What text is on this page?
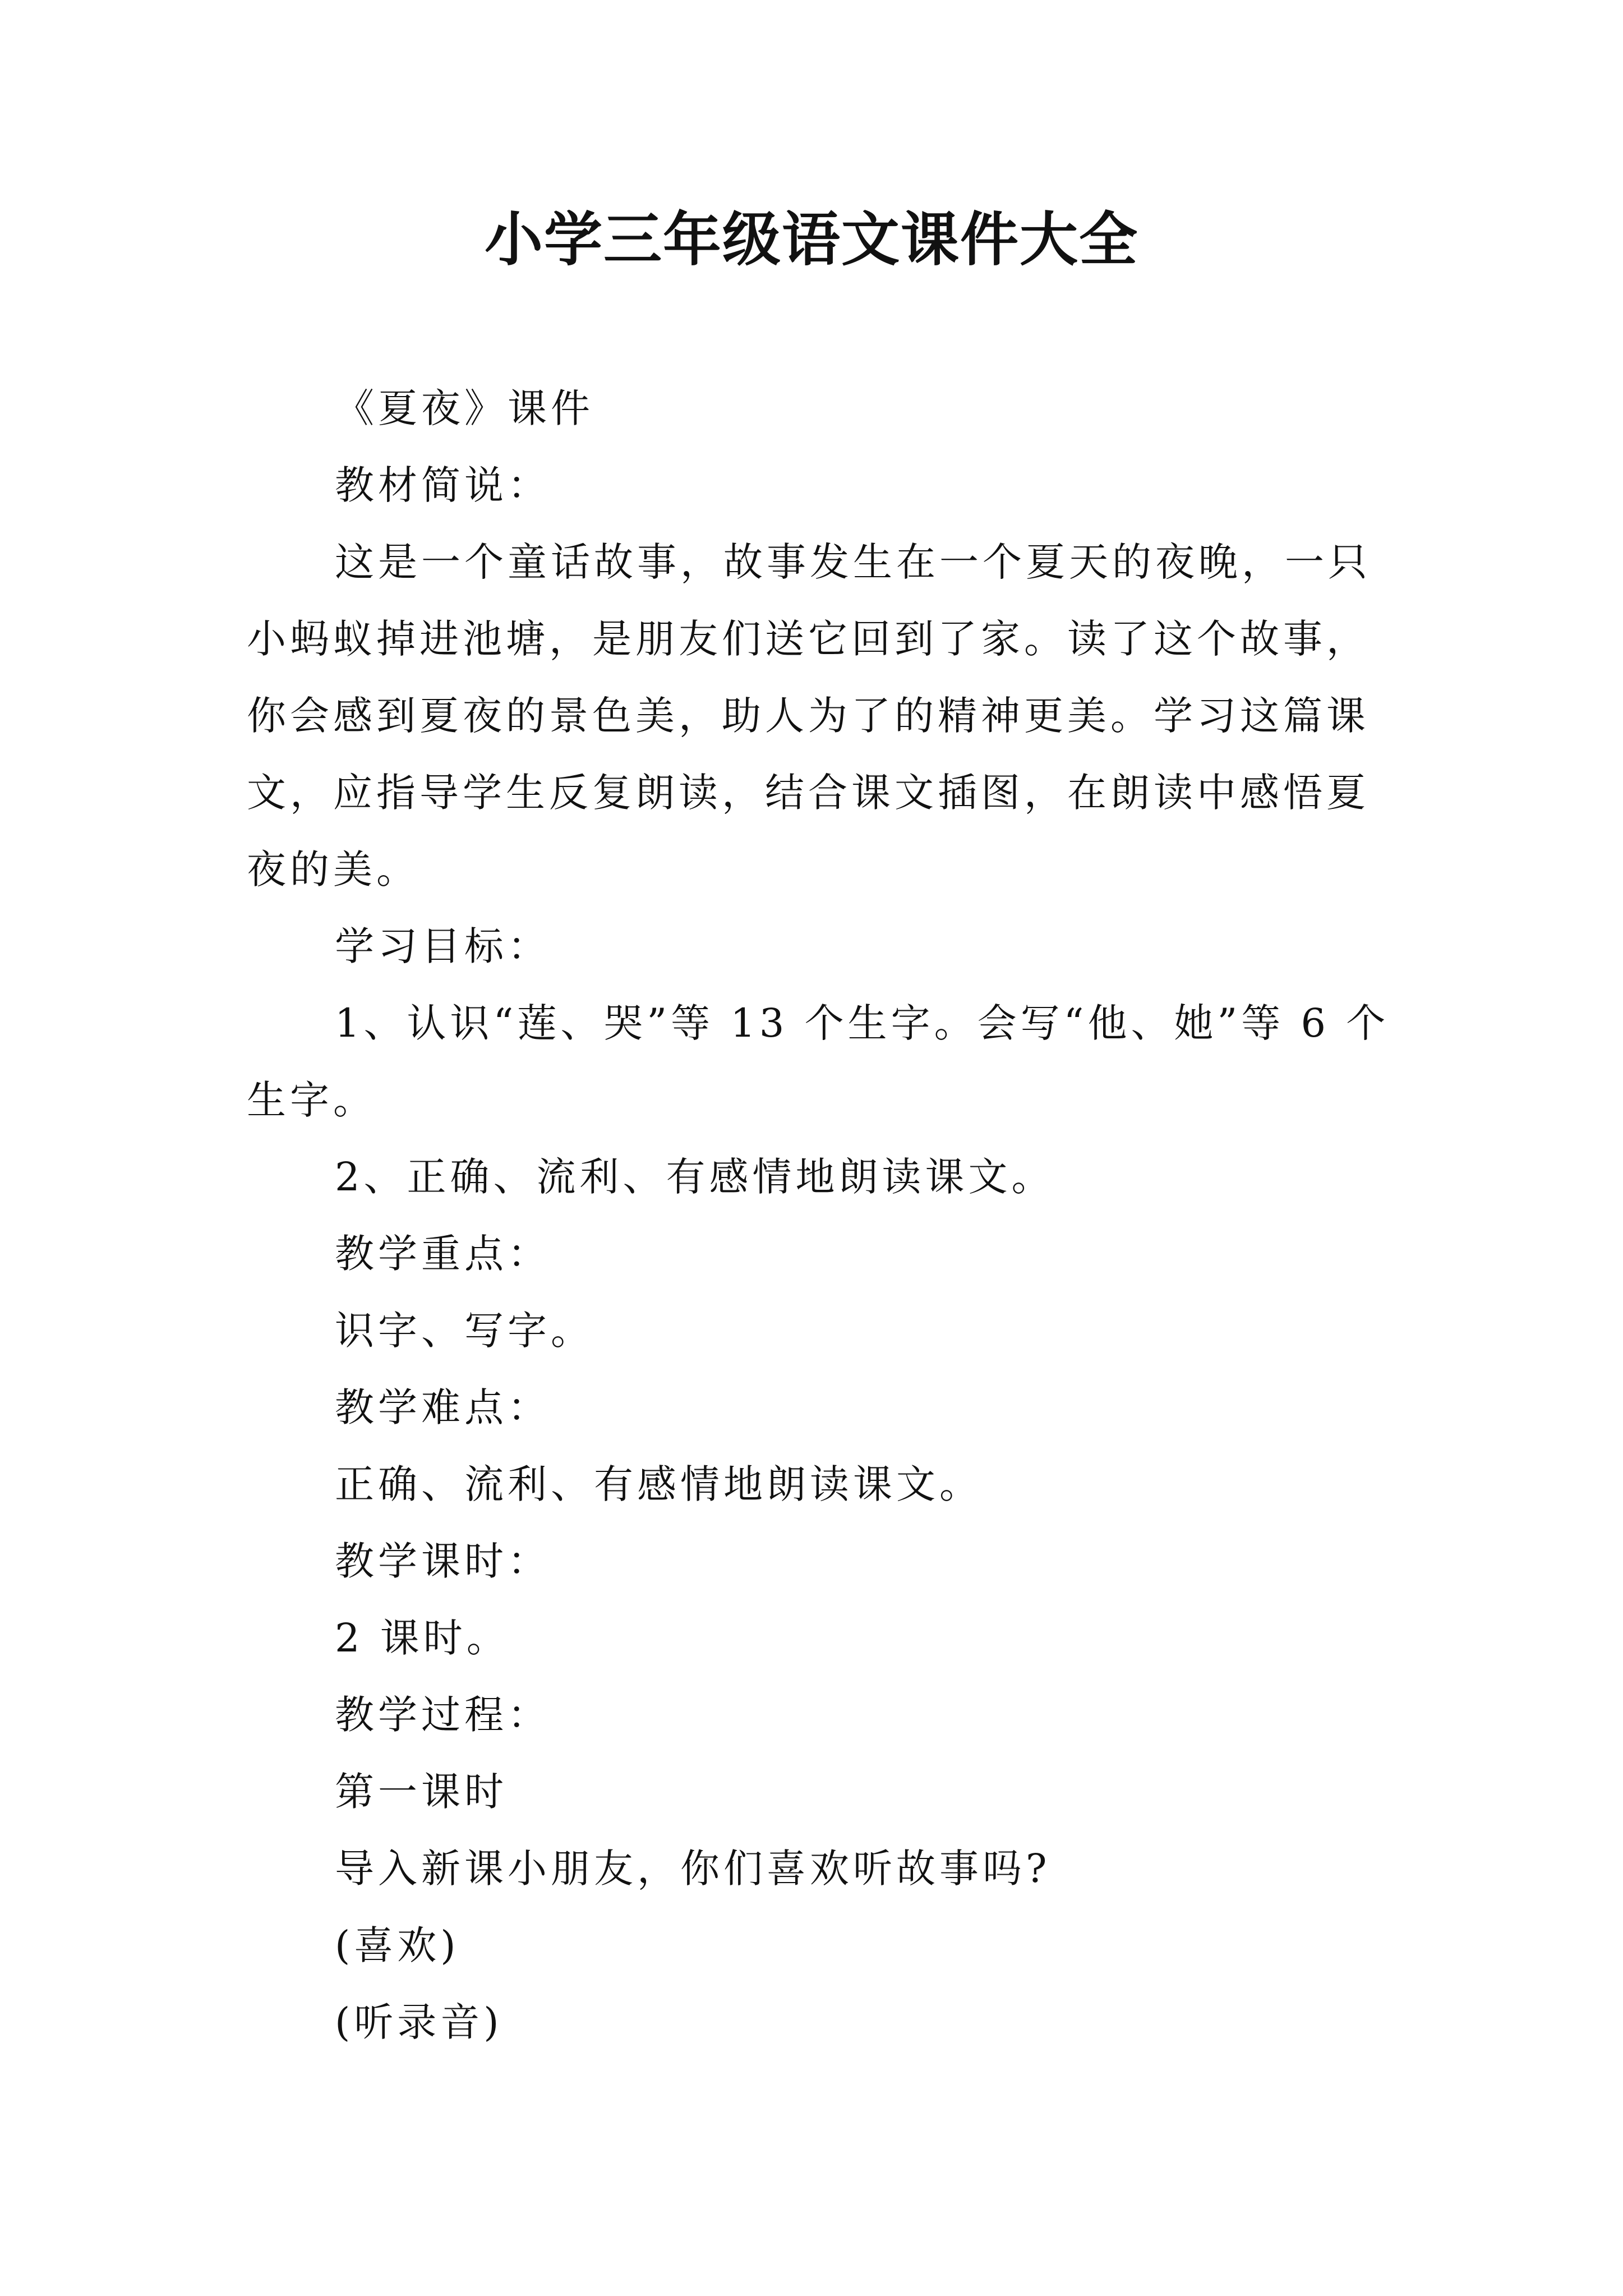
小学三年级语文课件大全

《夏夜》课件

教材简说：

这是一个童话故事，故事发生在一个夏天的夜晚，一只小蚂蚁掉进池塘，是朋友们送它回到了家。读了这个故事，你会感到夏夜的景色美，助人为了的精神更美。学习这篇课文，应指导学生反复朗读，结合课文插图，在朗读中感悟夏夜的美。

学习目标：

1、认识“莲、哭”等 13 个生字。会写“他、她”等 6 个生字。

2、正确、流利、有感情地朗读课文。

教学重点：

识字、写字。

教学难点：

正确、流利、有感情地朗读课文。

教学课时：

2 课时。

教学过程：

第一课时

导入新课小朋友，你们喜欢听故事吗?

(喜欢)

(听录音)
